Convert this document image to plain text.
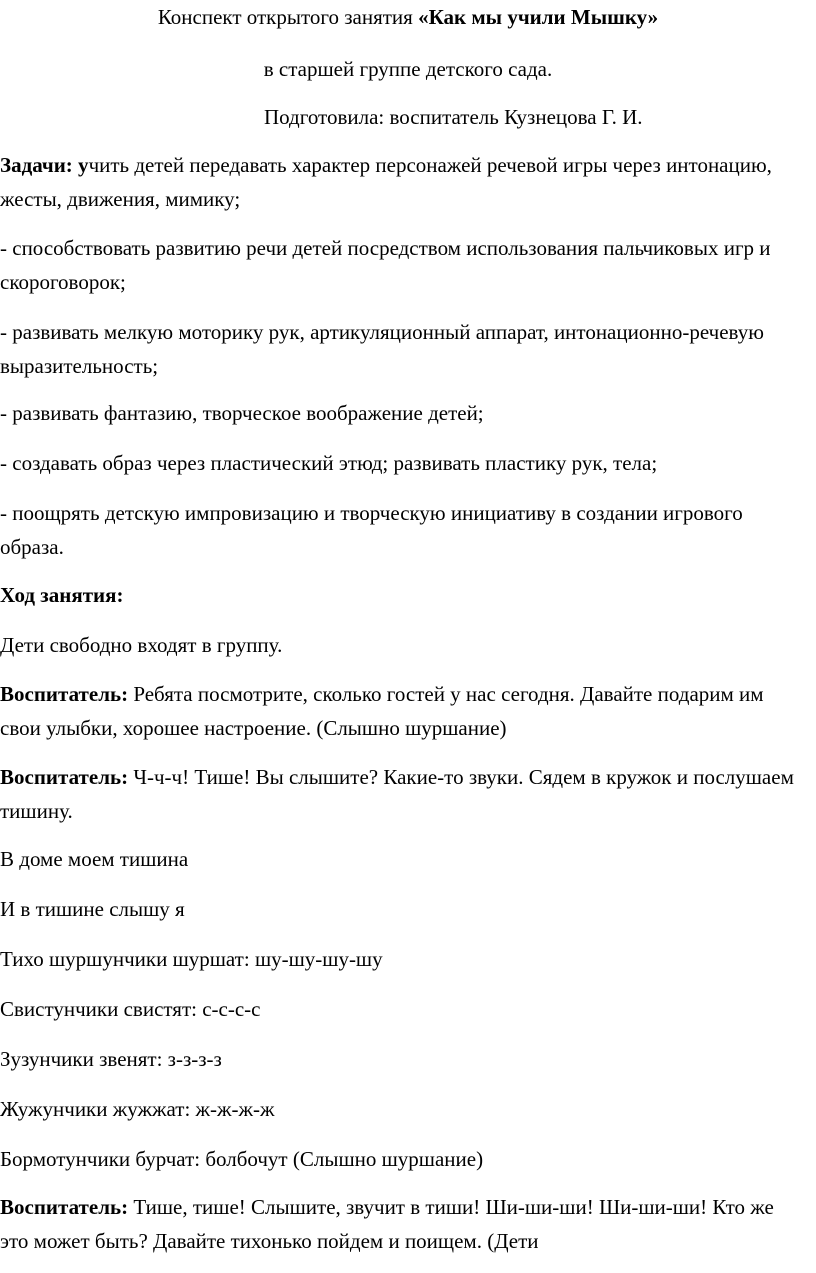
Конспект открытого занятия «Как мы учили Мышку»
в старшей группе детского сада.
Подготовила: воспитатель Кузнецова Г. И.
Задачи: учить детей передавать характер персонажей речевой игры через интонацию, жесты, движения, мимику;
- способствовать развитию речи детей посредством использования пальчиковых игр и скороговорок;
- развивать мелкую моторику рук, артикуляционный аппарат, интонационно-речевую выразительность;
- развивать фантазию, творческое воображение детей;
- создавать образ через пластический этюд; развивать пластику рук, тела;
- поощрять детскую импровизацию и творческую инициативу в создании игрового образа.
Ход занятия:
Дети свободно входят в группу.
Воспитатель: Ребята посмотрите, сколько гостей у нас сегодня. Давайте подарим им свои улыбки, хорошее настроение. (Слышно шуршание)
Воспитатель: Ч-ч-ч! Тише! Вы слышите? Какие-то звуки. Сядем в кружок и послушаем тишину.
В доме моем тишина
И в тишине слышу я
Тихо шуршунчики шуршат: шу-шу-шу-шу
Свистунчики свистят: с-с-с-с
Зузунчики звенят: з-з-з-з
Жужунчики жужжат: ж-ж-ж-ж
Бормотунчики бурчат: болбочут (Слышно шуршание)
Воспитатель: Тише, тише! Слышите, звучит в тиши! Ши-ши-ши! Ши-ши-ши! Кто же это может быть? Давайте тихонько пойдем и поищем. (Дети
